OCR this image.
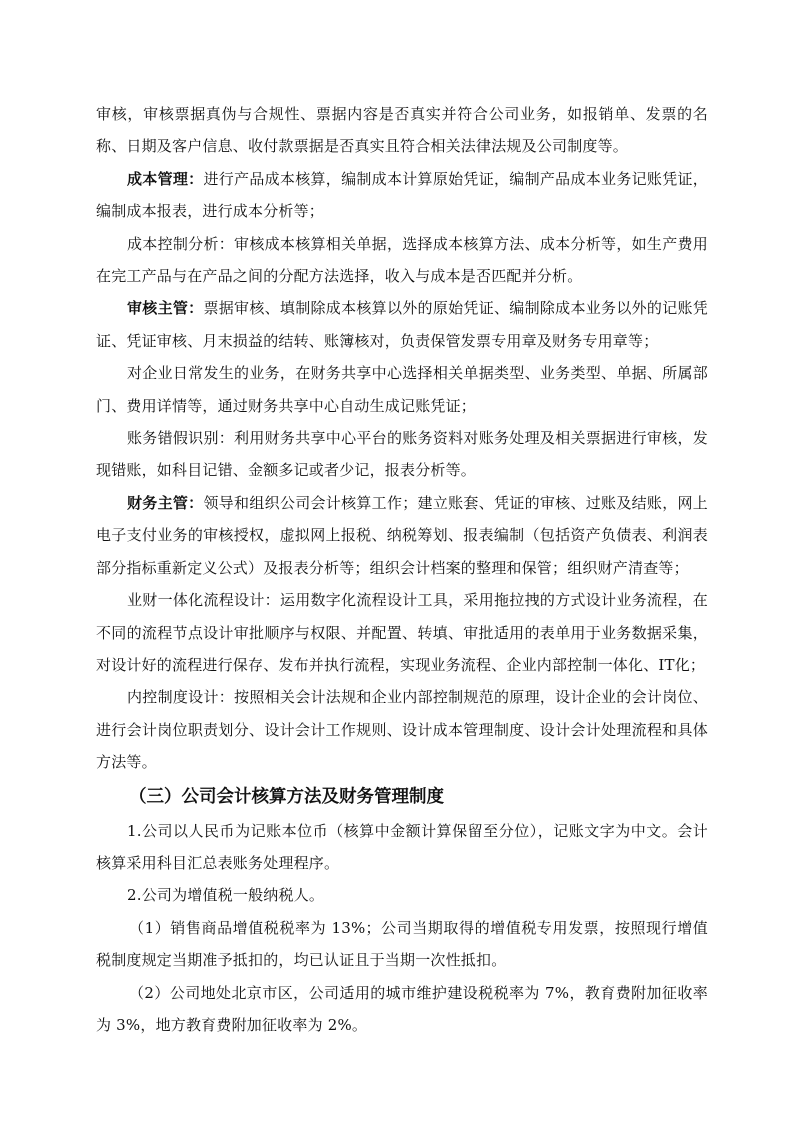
审核，审核票据真伪与合规性、票据内容是否真实并符合公司业务，如报销单、发票的名称、日期及客户信息、收付款票据是否真实且符合相关法律法规及公司制度等。

成本管理：进行产品成本核算，编制成本计算原始凭证，编制产品成本业务记账凭证，编制成本报表，进行成本分析等；

成本控制分析：审核成本核算相关单据，选择成本核算方法、成本分析等，如生产费用在完工产品与在产品之间的分配方法选择，收入与成本是否匹配并分析。

审核主管：票据审核、填制除成本核算以外的原始凭证、编制除成本业务以外的记账凭证、凭证审核、月末损益的结转、账簿核对，负责保管发票专用章及财务专用章等；

对企业日常发生的业务，在财务共享中心选择相关单据类型、业务类型、单据、所属部门、费用详情等，通过财务共享中心自动生成记账凭证；

账务错假识别：利用财务共享中心平台的账务资料对账务处理及相关票据进行审核，发现错账，如科目记错、金额多记或者少记，报表分析等。

财务主管：领导和组织公司会计核算工作；建立账套、凭证的审核、过账及结账，网上电子支付业务的审核授权，虚拟网上报税、纳税筹划、报表编制（包括资产负债表、利润表部分指标重新定义公式）及报表分析等；组织会计档案的整理和保管；组织财产清查等；

业财一体化流程设计：运用数字化流程设计工具，采用拖拉拽的方式设计业务流程，在不同的流程节点设计审批顺序与权限、并配置、转填、审批适用的表单用于业务数据采集，对设计好的流程进行保存、发布并执行流程，实现业务流程、企业内部控制一体化、IT化；

内控制度设计：按照相关会计法规和企业内部控制规范的原理，设计企业的会计岗位、进行会计岗位职责划分、设计会计工作规则、设计成本管理制度、设计会计处理流程和具体方法等。

（三）公司会计核算方法及财务管理制度

1.公司以人民币为记账本位币（核算中金额计算保留至分位），记账文字为中文。会计核算采用科目汇总表账务处理程序。

2.公司为增值税一般纳税人。

（1）销售商品增值税税率为 13%；公司当期取得的增值税专用发票，按照现行增值税制度规定当期准予抵扣的，均已认证且于当期一次性抵扣。

（2）公司地处北京市区，公司适用的城市维护建设税税率为 7%，教育费附加征收率为 3%，地方教育费附加征收率为 2%。
